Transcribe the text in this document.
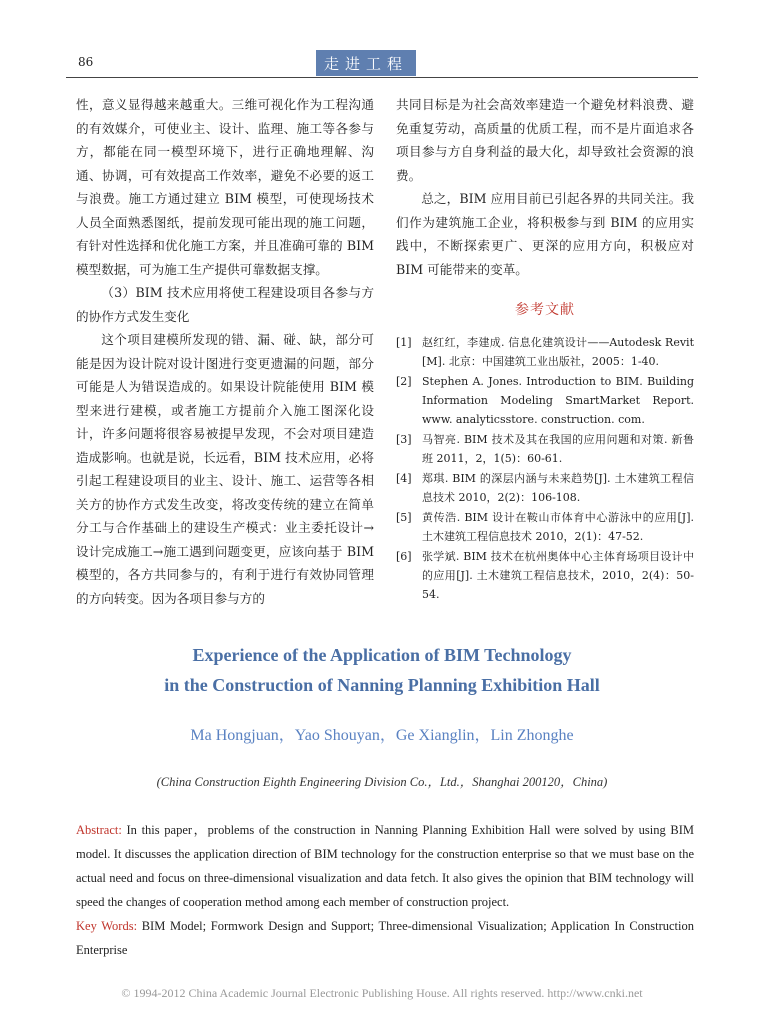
86	走进工程

性，意义显得越来越重大。三维可视化作为工程沟通的有效媒介，可使业主、设计、监理、施工等各参与方，都能在同一模型环境下，进行正确地理解、沟通、协调，可有效提高工作效率，避免不必要的返工与浪费。施工方通过建立 BIM 模型，可使现场技术人员全面熟悉图纸，提前发现可能出现的施工问题，有针对性选择和优化施工方案，并且准确可靠的 BIM 模型数据，可为施工生产提供可靠数据支撑。

（3）BIM 技术应用将使工程建设项目各参与方的协作方式发生变化

这个项目建模所发现的错、漏、碰、缺，部分可能是因为设计院对设计图进行变更遗漏的问题，部分可能是人为错误造成的。如果设计院能使用 BIM 模型来进行建模，或者施工方提前介入施工图深化设计，许多问题将很容易被提早发现，不会对项目建造造成影响。也就是说，长远看，BIM 技术应用，必将引起工程建设项目的业主、设计、施工、运营等各相关方的协作方式发生改变，将改变传统的建立在简单分工与合作基础上的建设生产模式：业主委托设计→设计完成施工→施工遇到问题变更，应该向基于 BIM 模型的，各方共同参与的，有利于进行有效协同管理的方向转变。因为各项目参与方的

共同目标是为社会高效率建造一个避免材料浪费、避免重复劳动，高质量的优质工程，而不是片面追求各项目参与方自身利益的最大化，却导致社会资源的浪费。

总之，BIM 应用目前已引起各界的共同关注。我们作为建筑施工企业，将积极参与到 BIM 的应用实践中，不断探索更广、更深的应用方向，积极应对 BIM 可能带来的变革。

参考文献
[1] 赵红红，李建成. 信息化建筑设计——Autodesk Revit [M]. 北京：中国建筑工业出版社，2005：1-40.
[2] Stephen A. Jones. Introduction to BIM. Building Information Modeling SmartMarket Report. www. analyticsstore. construction. com.
[3] 马智亮. BIM 技术及其在我国的应用问题和对策. 新鲁班 2011，2，1(5)：60-61.
[4] 郑琪. BIM 的深层内涵与未来趋势[J]. 土木建筑工程信息技术 2010，2(2)：106-108.
[5] 黄传浩. BIM 设计在鞍山市体育中心游泳中的应用[J]. 土木建筑工程信息技术 2010，2(1)：47-52.
[6] 张学斌. BIM 技术在杭州奥体中心主体育场项目设计中的应用[J]. 土木建筑工程信息技术，2010，2(4)：50-54.
Experience of the Application of BIM Technology
in the Construction of Nanning Planning Exhibition Hall
Ma Hongjuan，Yao Shouyan，Ge Xianglin，Lin Zhonghe
(China Construction Eighth Engineering Division Co.，Ltd.，Shanghai 200120，China)

Abstract: In this paper，problems of the construction in Nanning Planning Exhibition Hall were solved by using BIM model. It discusses the application direction of BIM technology for the construction enterprise so that we must base on the actual need and focus on three-dimensional visualization and data fetch. It also gives the opinion that BIM technology will speed the changes of cooperation method among each member of construction project.

Key Words: BIM Model; Formwork Design and Support; Three-dimensional Visualization; Application In Construction Enterprise

© 1994-2012 China Academic Journal Electronic Publishing House. All rights reserved. http://www.cnki.net
